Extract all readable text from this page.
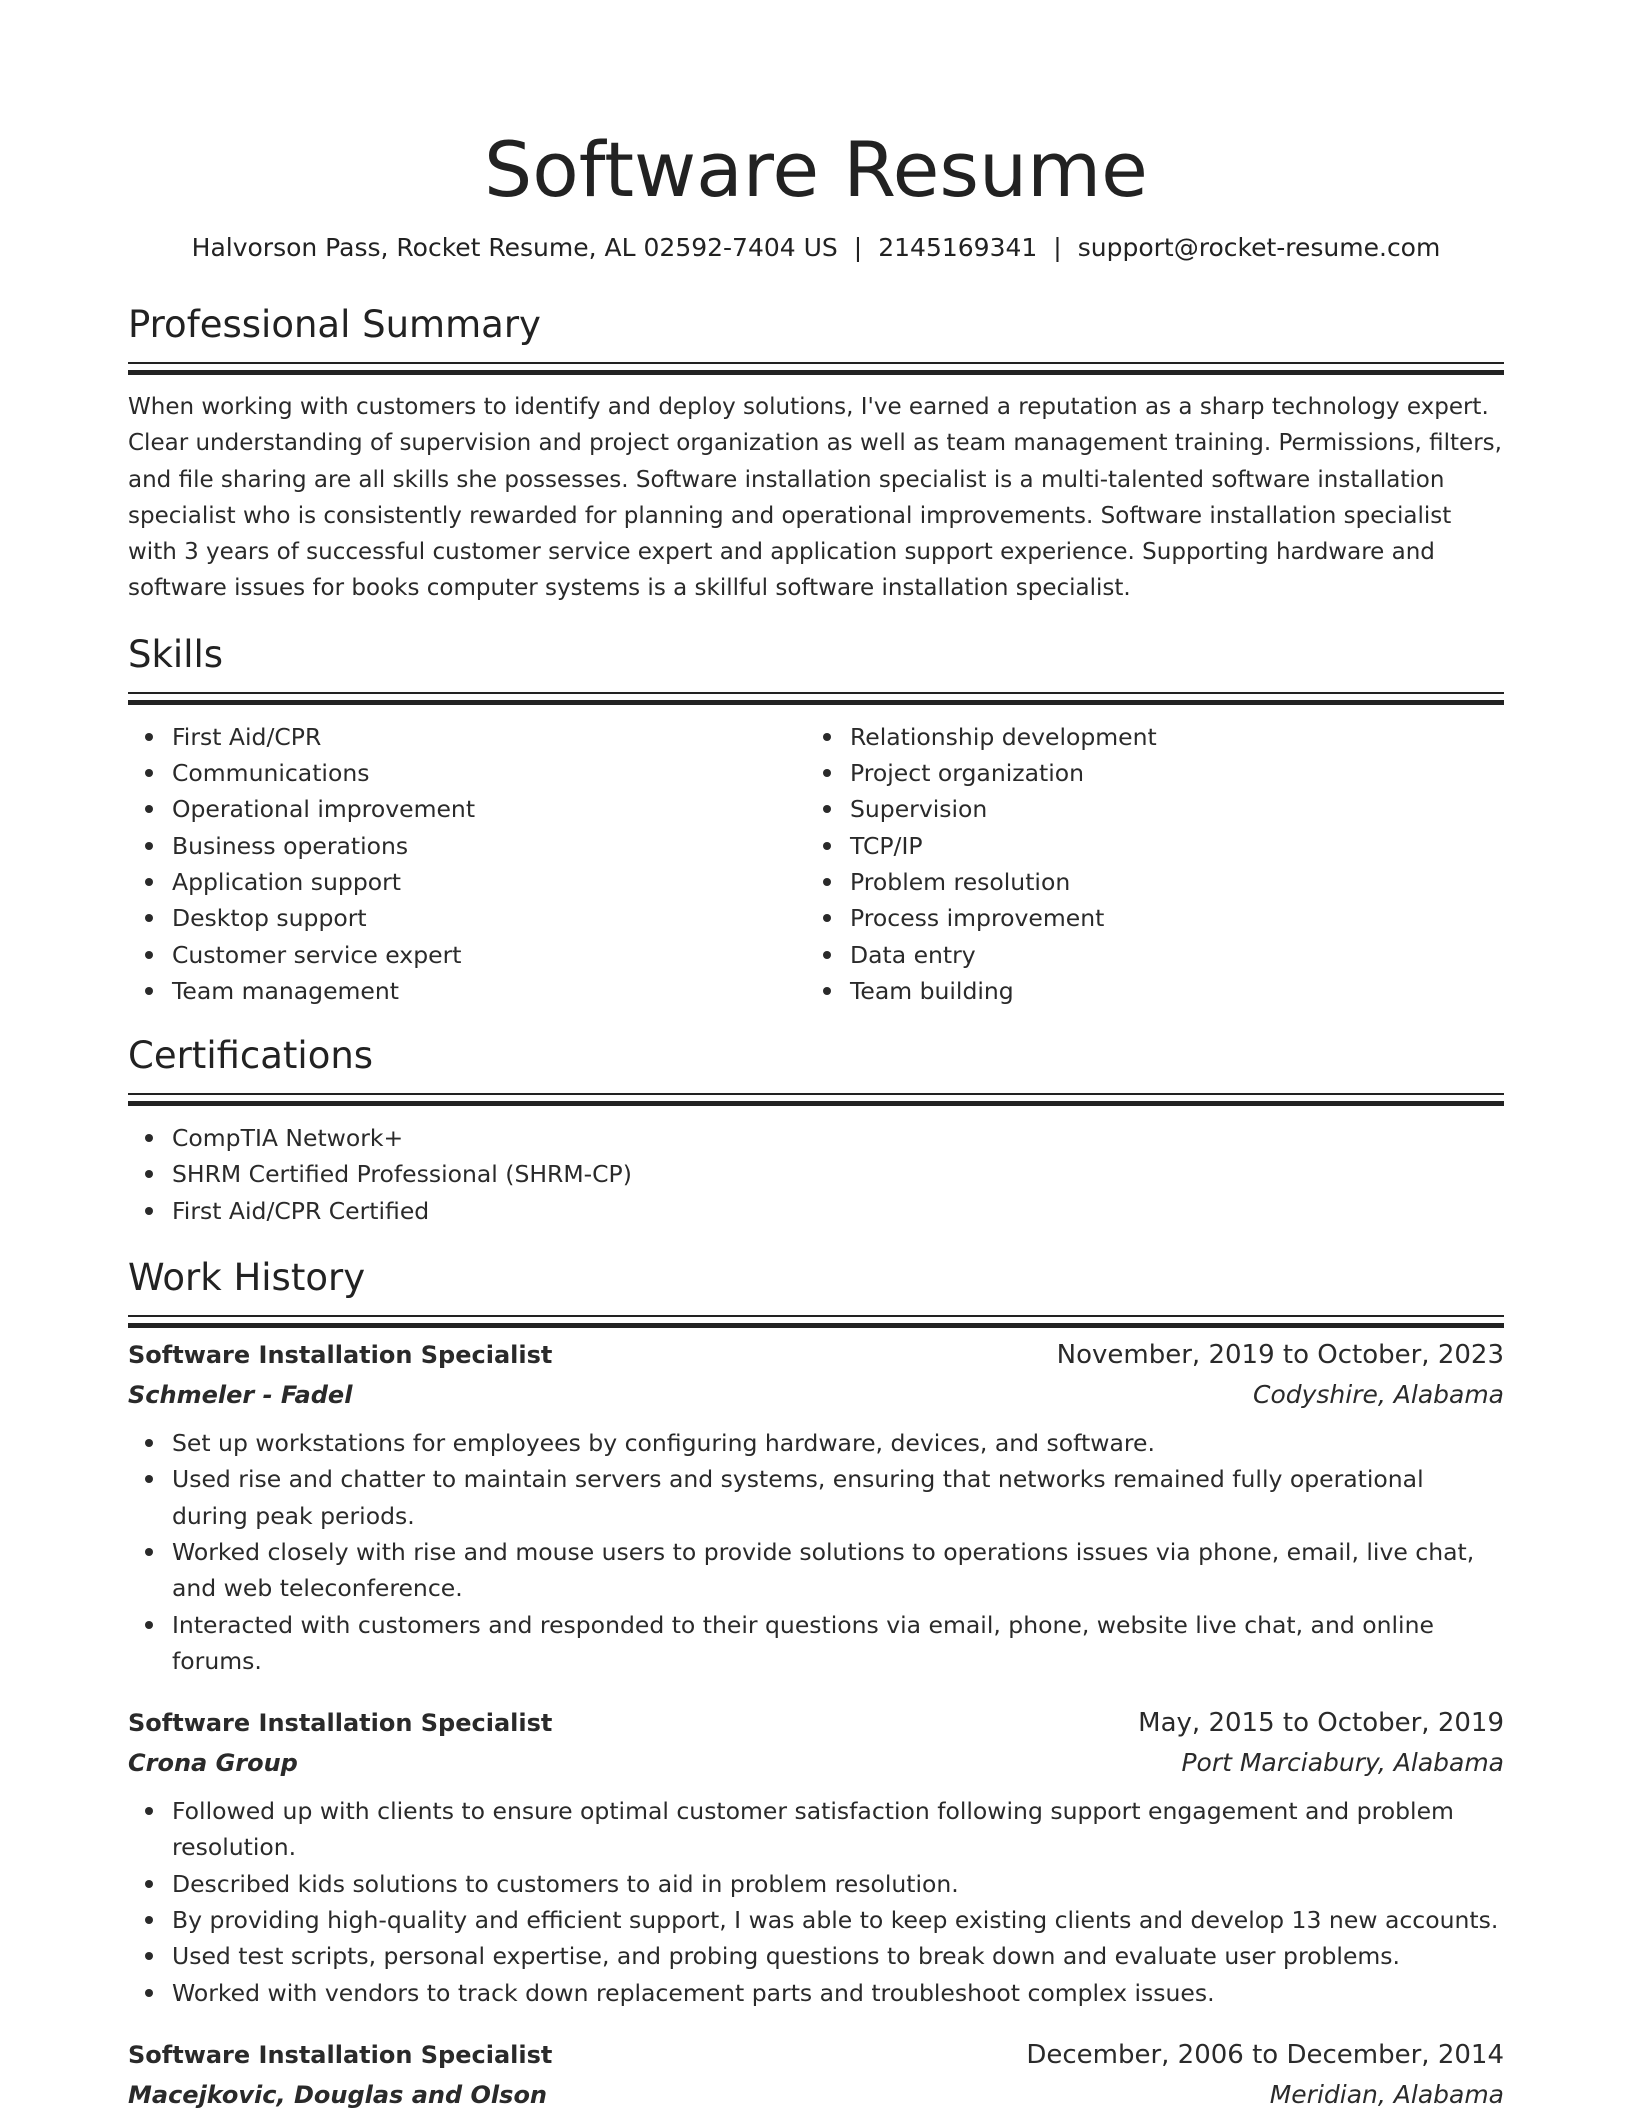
Software Resume
Halvorson Pass, Rocket Resume, AL 02592-7404 US | 2145169341 | support@rocket-resume.com
Professional Summary

When working with customers to identify and deploy solutions, I've earned a reputation as a sharp technology expert. Clear understanding of supervision and project organization as well as team management training. Permissions, filters, and file sharing are all skills she possesses. Software installation specialist is a multi-talented software installation specialist who is consistently rewarded for planning and operational improvements. Software installation specialist with 3 years of successful customer service expert and application support experience. Supporting hardware and software issues for books computer systems is a skillful software installation specialist.

Skills
First Aid/CPR
Communications
Operational improvement
Business operations
Application support
Desktop support
Customer service expert
Team management
Relationship development
Project organization
Supervision
TCP/IP
Problem resolution
Process improvement
Data entry
Team building
Certifications
CompTIA Network+
SHRM Certified Professional (SHRM-CP)
First Aid/CPR Certified
Work History
Software Installation Specialist	November, 2019 to October, 2023
Schmeler - Fadel	Codyshire, Alabama
Set up workstations for employees by configuring hardware, devices, and software.
Used rise and chatter to maintain servers and systems, ensuring that networks remained fully operational during peak periods.
Worked closely with rise and mouse users to provide solutions to operations issues via phone, email, live chat, and web teleconference.
Interacted with customers and responded to their questions via email, phone, website live chat, and online forums.
Software Installation Specialist	May, 2015 to October, 2019
Crona Group	Port Marciabury, Alabama
Followed up with clients to ensure optimal customer satisfaction following support engagement and problem resolution.
Described kids solutions to customers to aid in problem resolution.
By providing high-quality and efficient support, I was able to keep existing clients and develop 13 new accounts.
Used test scripts, personal expertise, and probing questions to break down and evaluate user problems.
Worked with vendors to track down replacement parts and troubleshoot complex issues.
Software Installation Specialist	December, 2006 to December, 2014
Macejkovic, Douglas and Olson	Meridian, Alabama
